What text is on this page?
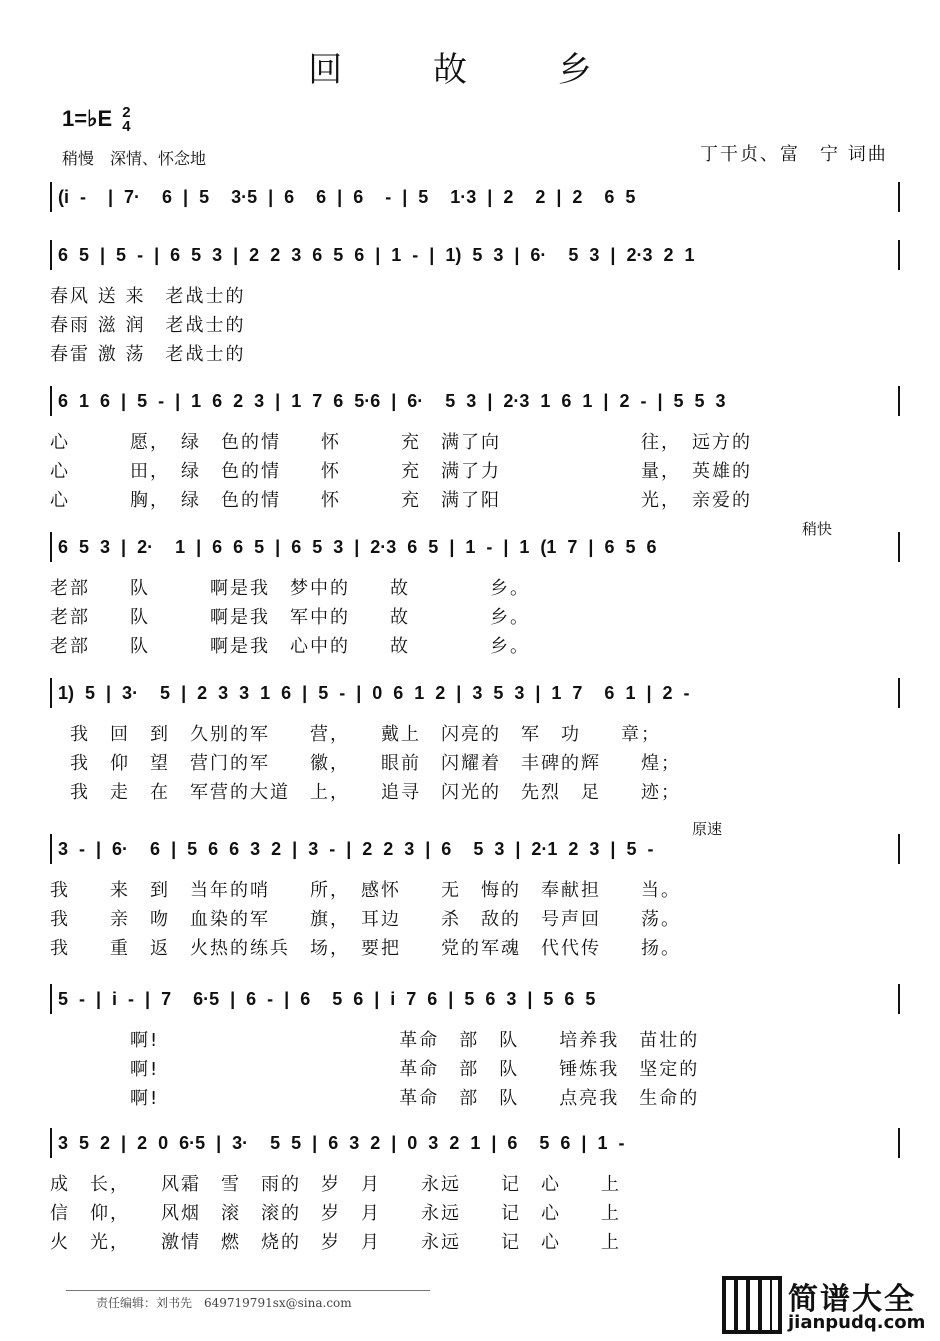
回 故 乡
1=♭E 2
4
稍慢　深情、怀念地	丁干贞、富　宁 词曲
(i -  | 7·  6 | 5  3·5 | 6  6 | 6  - | 5  1·3 | 2  2 | 2  6 5
6 5 | 5 - | 6 5 3 | 2 2 3 6 5 6 | 1 - | 1) 5 3 | 6·  5 3 | 2·3 2 1
春风 送 来　老战士的
春雨 滋 润　老战士的
春雷 激 荡　老战士的
6 1 6 | 5 - | 1 6 2 3 | 1 7 6 5·6 | 6·  5 3 | 2·3 1 6 1 | 2 - | 5 5 3
心　　　愿，　绿　色的情　　怀　　　充　满了向　　　　　　　往，　远方的
心　　　田，　绿　色的情　　怀　　　充　满了力　　　　　　　量，　英雄的
心　　　胸，　绿　色的情　　怀　　　充　满了阳　　　　　　　光，　亲爱的
6 5 3 | 2·  1 | 6 6 5 | 6 5 3 | 2·3 6 5 | 1 - | 1 (1 7 | 6 5 6
老部　　队　　　啊是我　梦中的　　故　　　　乡。
老部　　队　　　啊是我　军中的　　故　　　　乡。
老部　　队　　　啊是我　心中的　　故　　　　乡。
1) 5 | 3·  5 | 2 3 3 1 6 | 5 - | 0 6 1 2 | 3 5 3 | 1 7  6 1 | 2 -
　我　回　到　久别的军　　营，　　戴上　闪亮的　军　功　　章；
　我　仰　望　营门的军　　徽，　　眼前　闪耀着　丰碑的辉　　煌；
　我　走　在　军营的大道　上，　　追寻　闪光的　先烈　足　　迹；
3 - | 6·  6 | 5 6 6 3 2 | 3 - | 2 2 3 | 6  5 3 | 2·1 2 3 | 5 -
我　　来　到　当年的哨　　所，　感怀　　无　悔的　奉献担　　当。
我　　亲　吻　血染的军　　旗，　耳边　　杀　敌的　号声回　　荡。
我　　重　返　火热的练兵　场，　要把　　党的军魂　代代传　　扬。
5 - | i - | 7  6·5 | 6 - | 6  5 6 | i 7 6 | 5 6 3 | 5 6 5
　　　　啊!　　　　　　　　　　　　革命　部　队　　培养我　苗壮的
　　　　啊!　　　　　　　　　　　　革命　部　队　　锤炼我　坚定的
　　　　啊!　　　　　　　　　　　　革命　部　队　　点亮我　生命的
3 5 2 | 2 0 6·5 | 3·  5 5 | 6 3 2 | 0 3 2 1 | 6  5 6 | 1 -
成　长，　　风霜　雪　雨的　岁　月　　永远　　记　心　　上
信　仰，　　风烟　滚　滚的　岁　月　　永远　　记　心　　上
火　光，　　激情　燃　烧的　岁　月　　永远　　记　心　　上
稍快
原速
责任编辑：刘书先　649719791sx@sina.com	简谱大全
jianpudq.com
